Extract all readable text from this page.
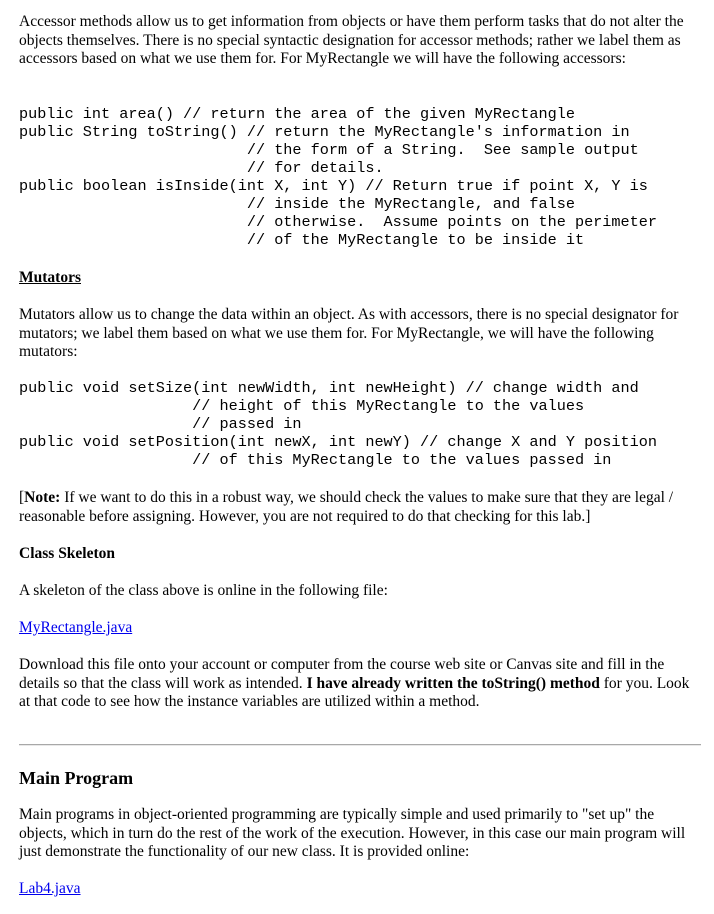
Accessor methods allow us to get information from objects or have them perform tasks that do not alter the objects themselves. There is no special syntactic designation for accessor methods; rather we label them as accessors based on what we use them for. For MyRectangle we will have the following accessors:

public int area() // return the area of the given MyRectangle
public String toString() // return the MyRectangle's information in
// the form of a String.  See sample output
// for details.
public boolean isInside(int X, int Y) // Return true if point X, Y is
// inside the MyRectangle, and false
// otherwise.  Assume points on the perimeter
// of the MyRectangle to be inside it
Mutators

Mutators allow us to change the data within an object. As with accessors, there is no special designator for mutators; we label them based on what we use them for. For MyRectangle, we will have the following mutators:

public void setSize(int newWidth, int newHeight) // change width and
// height of this MyRectangle to the values
// passed in
public void setPosition(int newX, int newY) // change X and Y position
// of this MyRectangle to the values passed in

[Note: If we want to do this in a robust way, we should check the values to make sure that they are legal / reasonable before assigning. However, you are not required to do that checking for this lab.]

Class Skeleton

A skeleton of the class above is online in the following file:

MyRectangle.java

Download this file onto your account or computer from the course web site or Canvas site and fill in the details so that the class will work as intended. I have already written the toString() method for you. Look at that code to see how the instance variables are utilized within a method.

Main Program

Main programs in object-oriented programming are typically simple and used primarily to "set up" the objects, which in turn do the rest of the work of the execution. However, in this case our main program will just demonstrate the functionality of our new class. It is provided online:

Lab4.java
